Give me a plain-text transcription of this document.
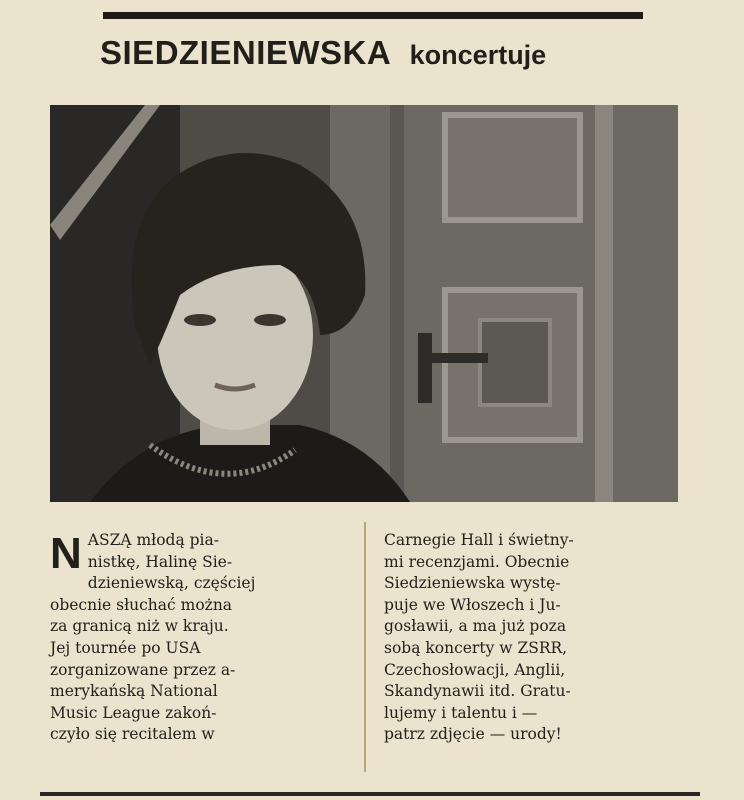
SIEDZIENIEWSKA koncertuje
N ASZĄ młodą pia-
nistkę, Halinę Sie-
dzieniewską, częściej
obecnie słuchać można
za granicą niż w kraju.
Jej tournée po USA
zorganizowane przez a-
merykańską National
Music League zakoń-
czyło się recitalem w
Carnegie Hall i świetny-
mi recenzjami. Obecnie
Siedzieniewska wystę-
puje we Włoszech i Ju-
gosławii, a ma już poza
sobą koncerty w ZSRR,
Czechosłowacji, Anglii,
Skandynawii itd. Gratu-
lujemy i talentu i —
patrz zdjęcie — urody!
